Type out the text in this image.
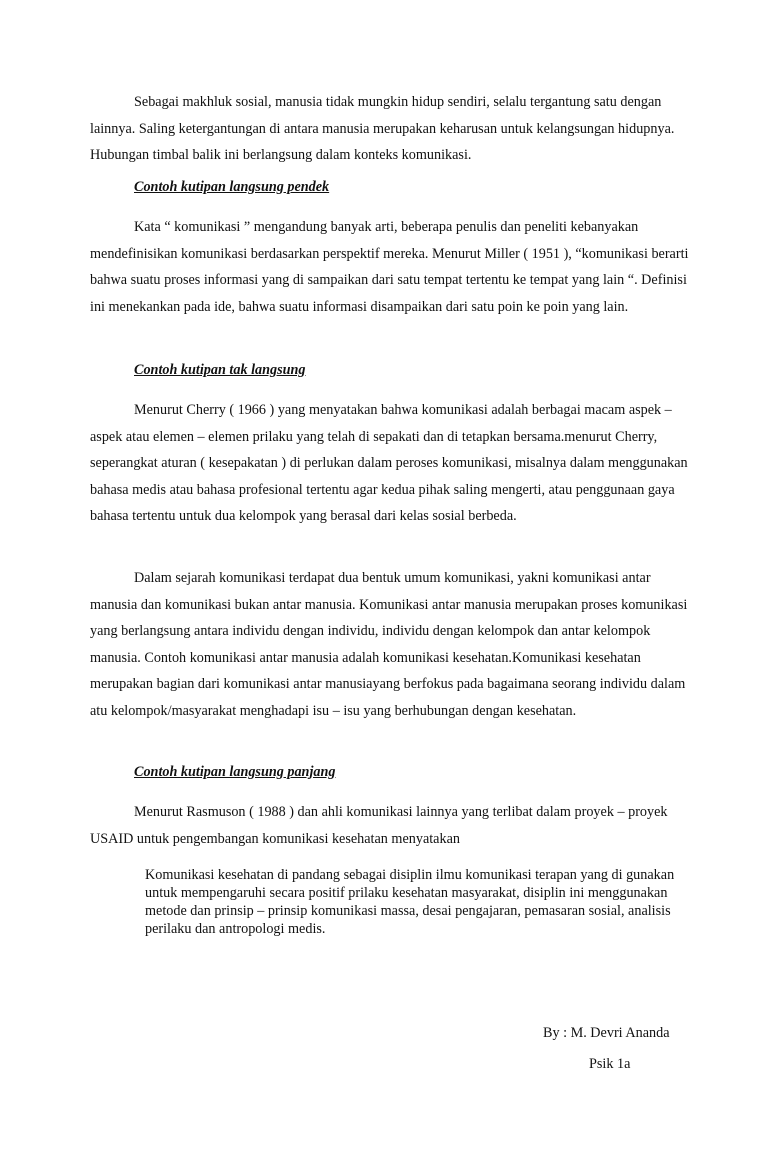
Sebagai makhluk sosial, manusia tidak mungkin hidup sendiri, selalu tergantung satu dengan lainnya. Saling ketergantungan di antara manusia merupakan keharusan untuk kelangsungan hidupnya. Hubungan timbal balik ini berlangsung dalam konteks komunikasi.

Contoh kutipan langsung pendek

Kata “ komunikasi ” mengandung banyak arti, beberapa penulis dan peneliti kebanyakan mendefinisikan komunikasi berdasarkan perspektif mereka. Menurut Miller ( 1951 ), “komunikasi berarti bahwa suatu proses informasi yang di sampaikan dari satu tempat tertentu ke tempat yang lain “. Definisi ini menekankan pada ide, bahwa suatu informasi disampaikan dari satu poin ke poin yang lain.

Contoh kutipan tak langsung

Menurut Cherry ( 1966 ) yang menyatakan bahwa komunikasi adalah berbagai macam aspek – aspek atau elemen – elemen prilaku yang telah di sepakati dan di tetapkan bersama.menurut Cherry, seperangkat aturan ( kesepakatan ) di perlukan dalam peroses komunikasi, misalnya dalam menggunakan bahasa medis atau bahasa profesional tertentu agar kedua pihak saling mengerti, atau penggunaan gaya bahasa tertentu untuk dua kelompok yang berasal dari kelas sosial berbeda.

Dalam sejarah komunikasi terdapat dua bentuk umum komunikasi, yakni komunikasi antar manusia dan komunikasi bukan antar manusia. Komunikasi antar manusia merupakan proses komunikasi yang berlangsung antara individu dengan individu, individu dengan kelompok dan antar kelompok manusia. Contoh komunikasi antar manusia adalah komunikasi kesehatan.Komunikasi kesehatan merupakan bagian dari komunikasi antar manusiayang berfokus pada bagaimana seorang individu dalam atu kelompok/masyarakat menghadapi isu – isu yang berhubungan dengan kesehatan.

Contoh kutipan langsung panjang

Menurut Rasmuson ( 1988 ) dan ahli komunikasi lainnya yang terlibat dalam proyek – proyek USAID untuk pengembangan komunikasi kesehatan menyatakan

Komunikasi kesehatan di pandang sebagai disiplin ilmu komunikasi terapan yang di gunakan untuk mempengaruhi secara positif prilaku kesehatan masyarakat, disiplin ini menggunakan metode dan prinsip – prinsip komunikasi massa, desai pengajaran, pemasaran sosial, analisis perilaku dan antropologi medis.

By : M. Devri Ananda

Psik 1a
